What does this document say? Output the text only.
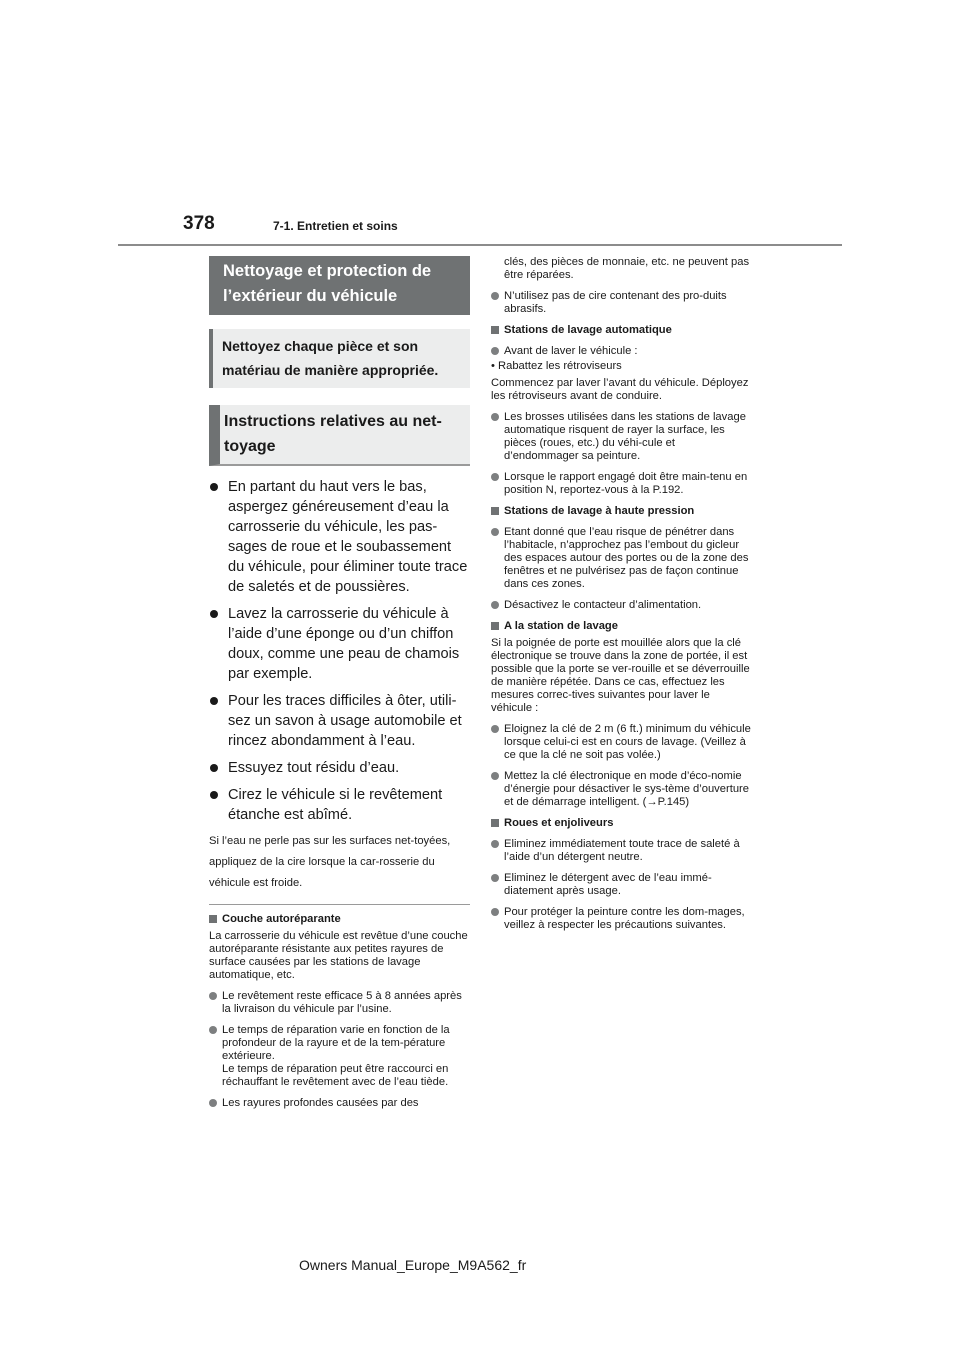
378	7-1. Entretien et soins
Nettoyage et protection de l’extérieur du véhicule
Nettoyez chaque pièce et son matériau de manière appropriée.
Instructions relatives au net-toyage
En partant du haut vers le bas, aspergez généreusement d’eau la carrosserie du véhicule, les pas-sages de roue et le soubassement du véhicule, pour éliminer toute trace de saletés et de poussières.
Lavez la carrosserie du véhicule à l’aide d’une éponge ou d’un chiffon doux, comme une peau de chamois par exemple.
Pour les traces difficiles à ôter, utili-sez un savon à usage automobile et rincez abondamment à l’eau.
Essuyez tout résidu d’eau.
Cirez le véhicule si le revêtement étanche est abîmé.
Si l’eau ne perle pas sur les surfaces net-toyées, appliquez de la cire lorsque la car-rosserie du véhicule est froide.
Couche autoréparante
La carrosserie du véhicule est revêtue d’une couche autoréparante résistante aux petites rayures de surface causées par les stations de lavage automatique, etc.
Le revêtement reste efficace 5 à 8 années après la livraison du véhicule par l’usine.
Le temps de réparation varie en fonction de la profondeur de la rayure et de la tem-pérature extérieure.
Le temps de réparation peut être raccourci en réchauffant le revêtement avec de l’eau tiède.
Les rayures profondes causées par des
clés, des pièces de monnaie, etc. ne peuvent pas être réparées.
N’utilisez pas de cire contenant des pro-duits abrasifs.
Stations de lavage automatique
Avant de laver le véhicule :
• Rabattez les rétroviseurs
Commencez par laver l’avant du véhicule. Déployez les rétroviseurs avant de conduire.
Les brosses utilisées dans les stations de lavage automatique risquent de rayer la surface, les pièces (roues, etc.) du véhi-cule et d’endommager sa peinture.
Lorsque le rapport engagé doit être main-tenu en position N, reportez-vous à la P.192.
Stations de lavage à haute pression
Etant donné que l’eau risque de pénétrer dans l’habitacle, n’approchez pas l’embout du gicleur des espaces autour des portes ou de la zone des fenêtres et ne pulvérisez pas de façon continue dans ces zones.
Désactivez le contacteur d’alimentation.
A la station de lavage
Si la poignée de porte est mouillée alors que la clé électronique se trouve dans la zone de portée, il est possible que la porte se ver-rouille et se déverrouille de manière répétée. Dans ce cas, effectuez les mesures correc-tives suivantes pour laver le véhicule :
Eloignez la clé de 2 m (6 ft.) minimum du véhicule lorsque celui-ci est en cours de lavage. (Veillez à ce que la clé ne soit pas volée.)
Mettez la clé électronique en mode d’éco-nomie d’énergie pour désactiver le sys-tème d’ouverture et de démarrage intelligent. (→P.145)
Roues et enjoliveurs
Eliminez immédiatement toute trace de saleté à l’aide d’un détergent neutre.
Eliminez le détergent avec de l’eau immé-diatement après usage.
Pour protéger la peinture contre les dom-mages, veillez à respecter les précautions suivantes.
Owners Manual_Europe_M9A562_fr
